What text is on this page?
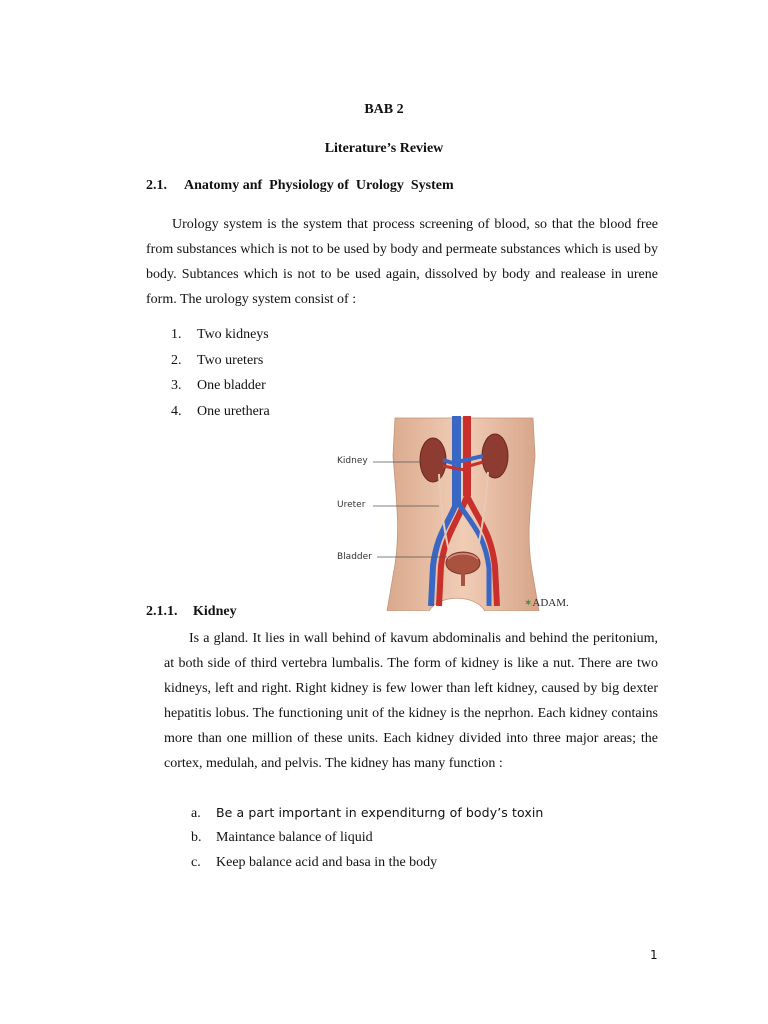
BAB 2
Literature’s Review
2.1. Anatomy anf  Physiology of  Urology  System

Urology system is the system that process screening of blood, so that the blood free from substances which is not to be used by body and permeate substances which is used by body. Subtances which is not to be used again, dissolved by body and realease in urene form. The urology system consist of :

1. Two kidneys
2. Two ureters
3. One bladder
4. One urethera
Kidney
Ureter
Bladder
✶ADAM.
2.1.1. Kidney

Is a gland. It lies in wall behind of kavum abdominalis and behind the peritonium, at both side of third vertebra lumbalis. The form of kidney is like a nut. There are two kidneys, left and right. Right kidney is few lower than left kidney, caused by big dexter hepatitis lobus. The functioning unit of the kidney is the neprhon. Each kidney contains more than one million of these units. Each kidney divided into three major areas; the cortex, medulah, and pelvis. The kidney has many function :

a. Be a part important in expenditurng of body’s toxin
b. Maintance balance of liquid
c. Keep balance acid and basa in the body
1
